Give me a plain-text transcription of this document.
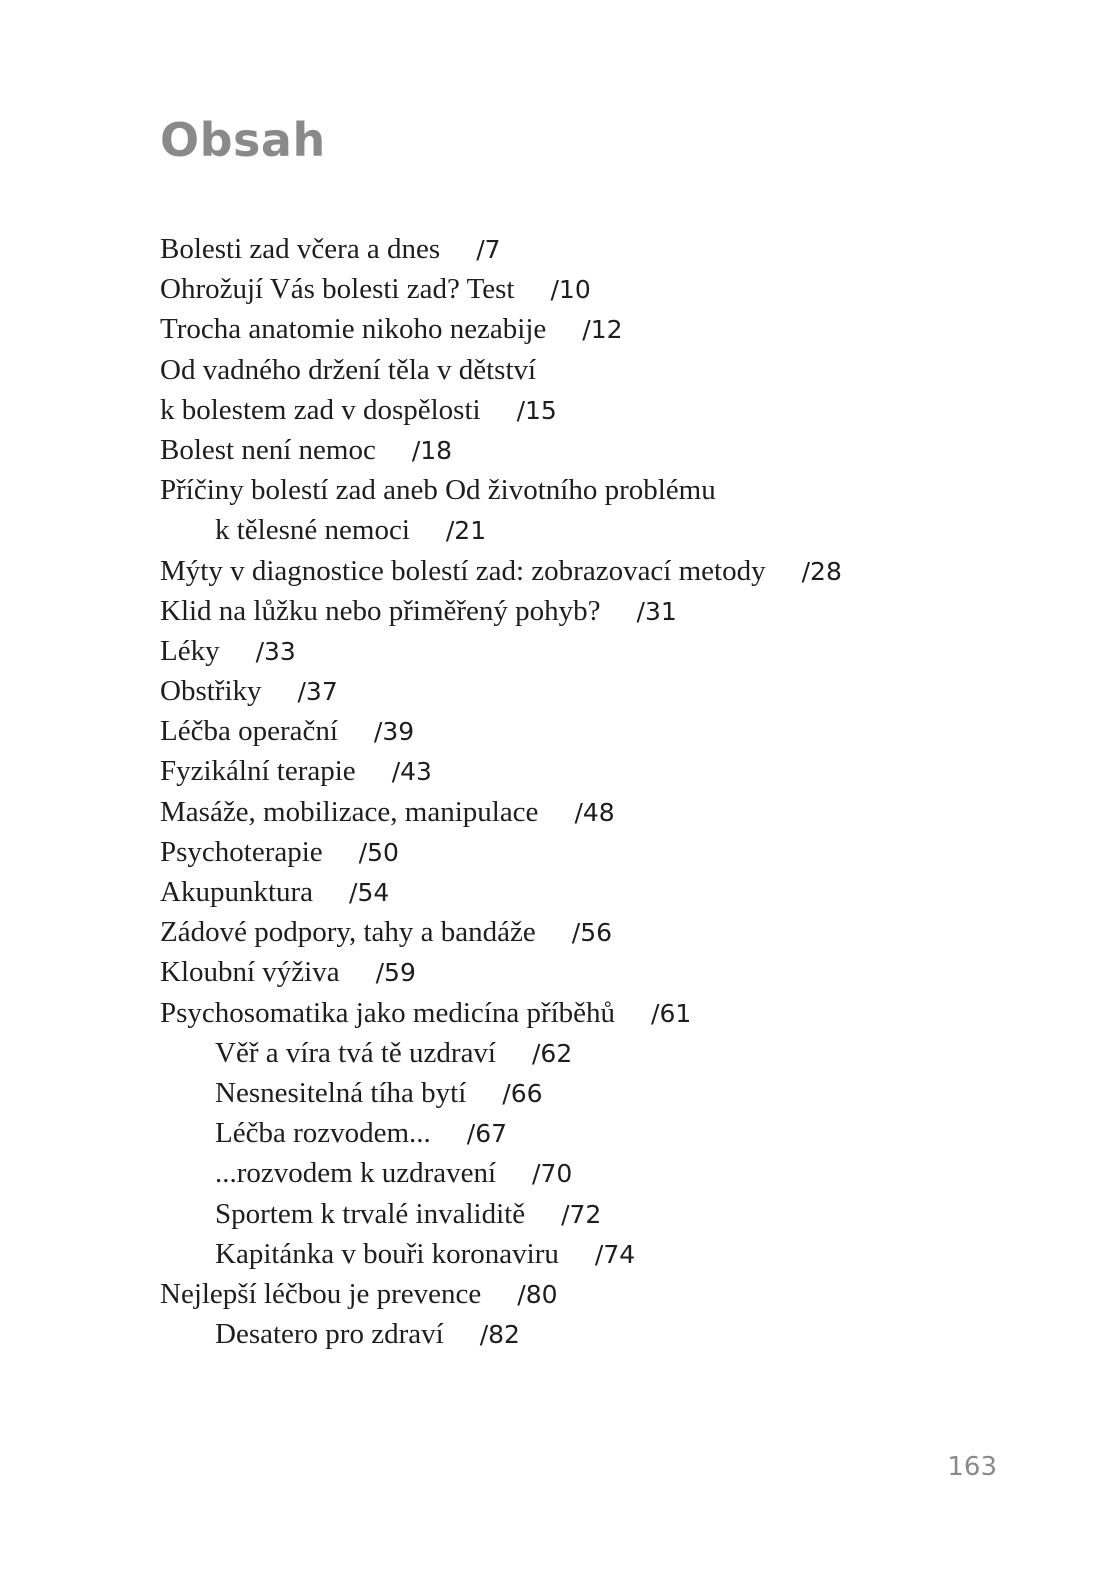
Obsah
Bolesti zad včera a dnes /7
Ohrožují Vás bolesti zad? Test /10
Trocha anatomie nikoho nezabije /12
Od vadného držení těla v dětství
k bolestem zad v dospělosti /15
Bolest není nemoc /18
Příčiny bolestí zad aneb Od životního problému
k tělesné nemoci /21
Mýty v diagnostice bolestí zad: zobrazovací metody /28
Klid na lůžku nebo přiměřený pohyb? /31
Léky /33
Obstřiky /37
Léčba operační /39
Fyzikální terapie /43
Masáže, mobilizace, manipulace /48
Psychoterapie /50
Akupunktura /54
Zádové podpory, tahy a bandáže /56
Kloubní výživa /59
Psychosomatika jako medicína příběhů /61
Věř a víra tvá tě uzdraví /62
Nesnesitelná tíha bytí /66
Léčba rozvodem... /67
...rozvodem k uzdravení /70
Sportem k trvalé invaliditě /72
Kapitánka v bouři koronaviru /74
Nejlepší léčbou je prevence /80
Desatero pro zdraví /82
163
